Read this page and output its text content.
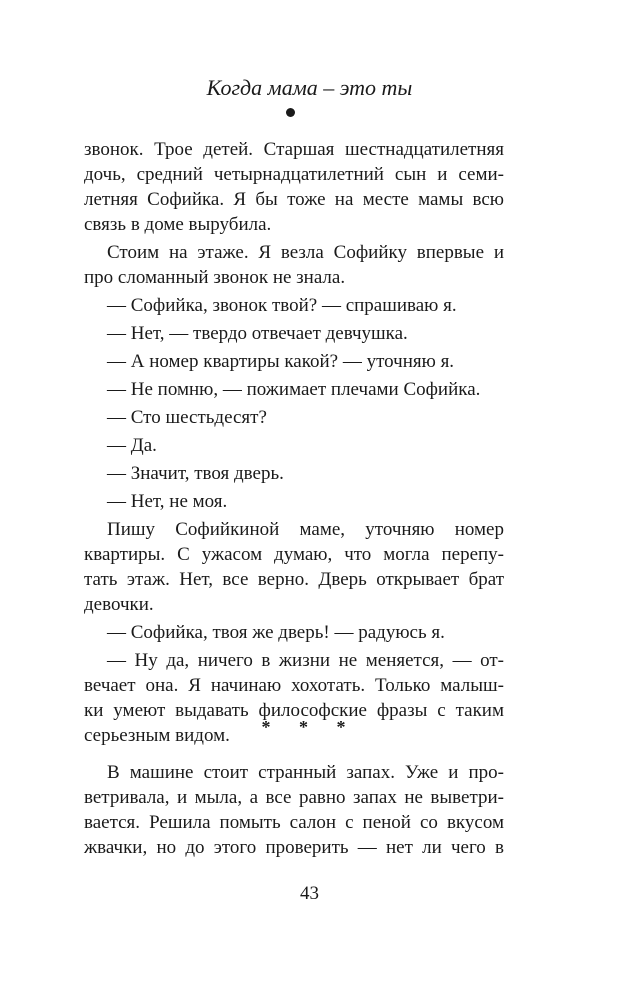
Когда мама – это ты
звонок. Трое детей. Старшая шестнадцатилетняя
дочь, средний четырнадцатилетний сын и семи-
летняя Софийка. Я бы тоже на месте мамы всю
связь в доме вырубила.
Стоим на этаже. Я везла Софийку впервые и
про сломанный звонок не знала.
— Софийка, звонок твой? — спрашиваю я.
— Нет, — твердо отвечает девчушка.
— А номер квартиры какой? — уточняю я.
— Не помню, — пожимает плечами Софийка.
— Сто шестьдесят?
— Да.
— Значит, твоя дверь.
— Нет, не моя.
Пишу Софийкиной маме, уточняю номер
квартиры. С ужасом думаю, что могла перепу-
тать этаж. Нет, все верно. Дверь открывает брат
девочки.
— Софийка, твоя же дверь! — радуюсь я.
— Ну да, ничего в жизни не меняется, — от-
вечает она. Я начинаю хохотать. Только малыш-
ки умеют выдавать философские фразы с таким
серьезным видом.	* * *
В машине стоит странный запах. Уже и про-
ветривала, и мыла, а все равно запах не выветри-
вается. Решила помыть салон с пеной со вкусом
жвачки, но до этого проверить — нет ли чего в
43
